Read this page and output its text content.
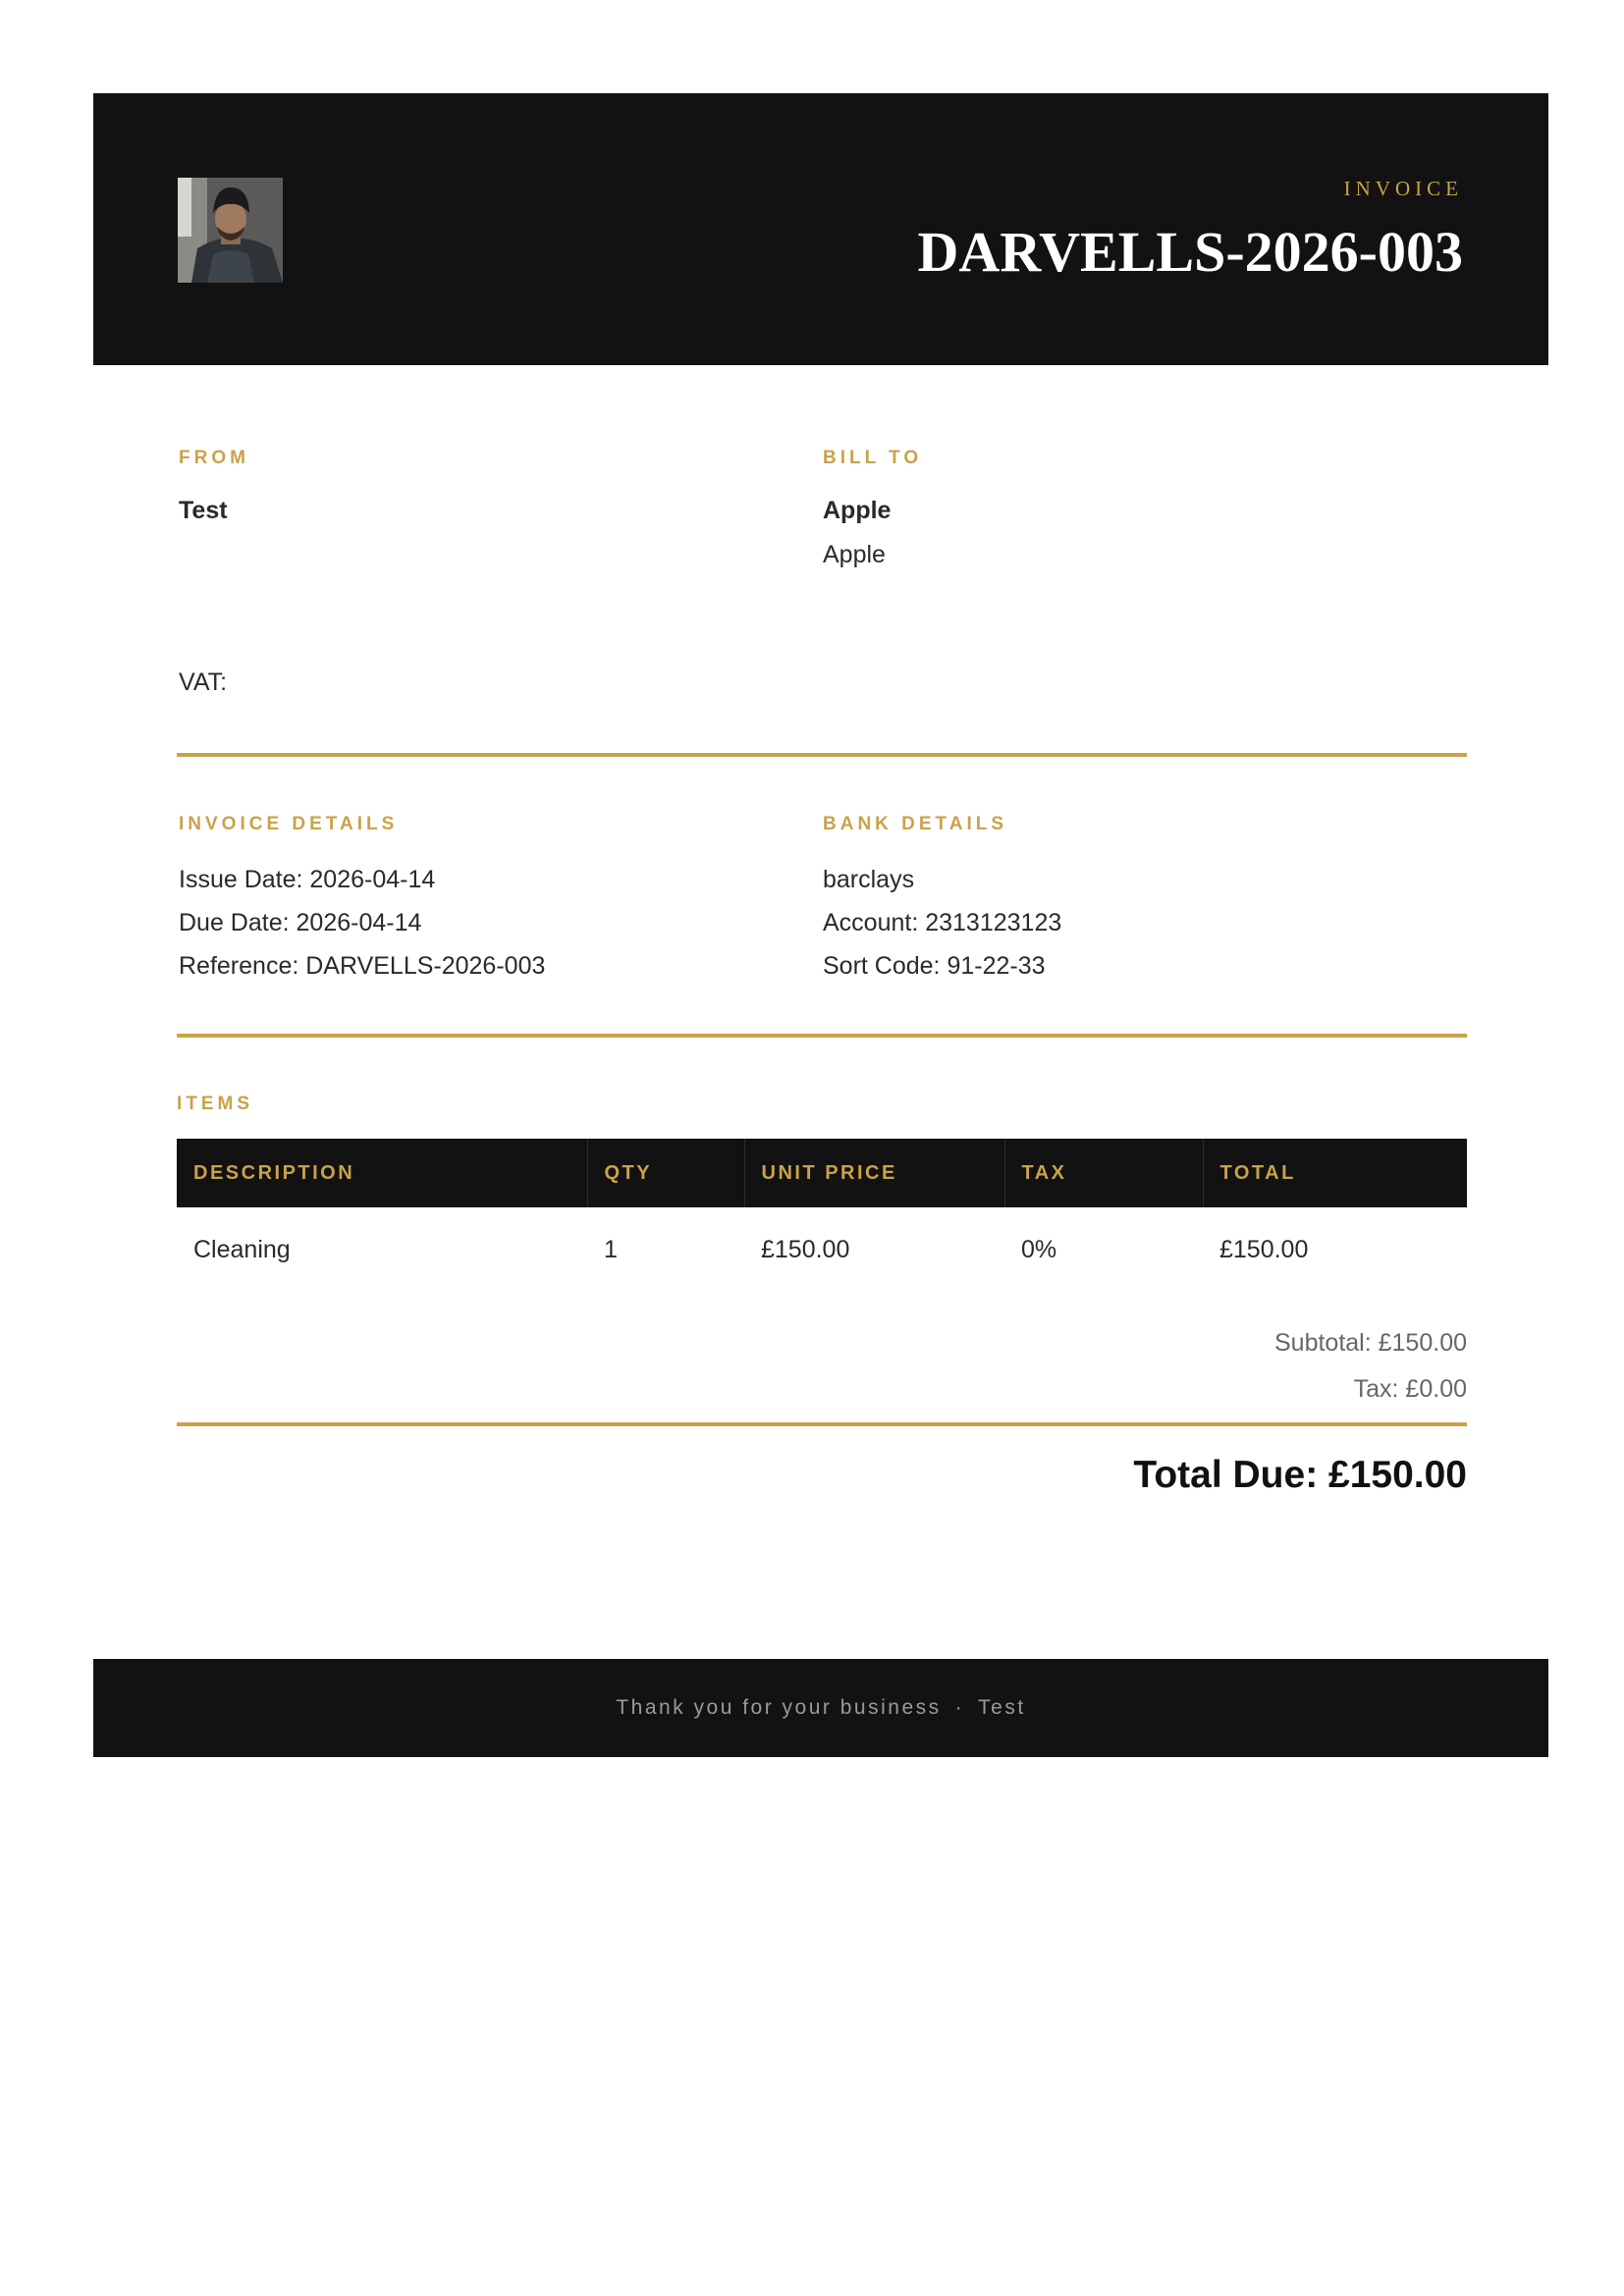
INVOICE
DARVELLS-2026-003
FROM
Test
VAT:
BILL TO
Apple
Apple
INVOICE DETAILS
Issue Date: 2026-04-14
Due Date: 2026-04-14
Reference: DARVELLS-2026-003
BANK DETAILS
barclays
Account: 2313123123
Sort Code: 91-22-33
ITEMS
DESCRIPTION	QTY	UNIT PRICE	TAX	TOTAL
Cleaning	1	£150.00	0%	£150.00
Subtotal: £150.00
Tax: £0.00
Total Due: £150.00
Thank you for your business · Test
